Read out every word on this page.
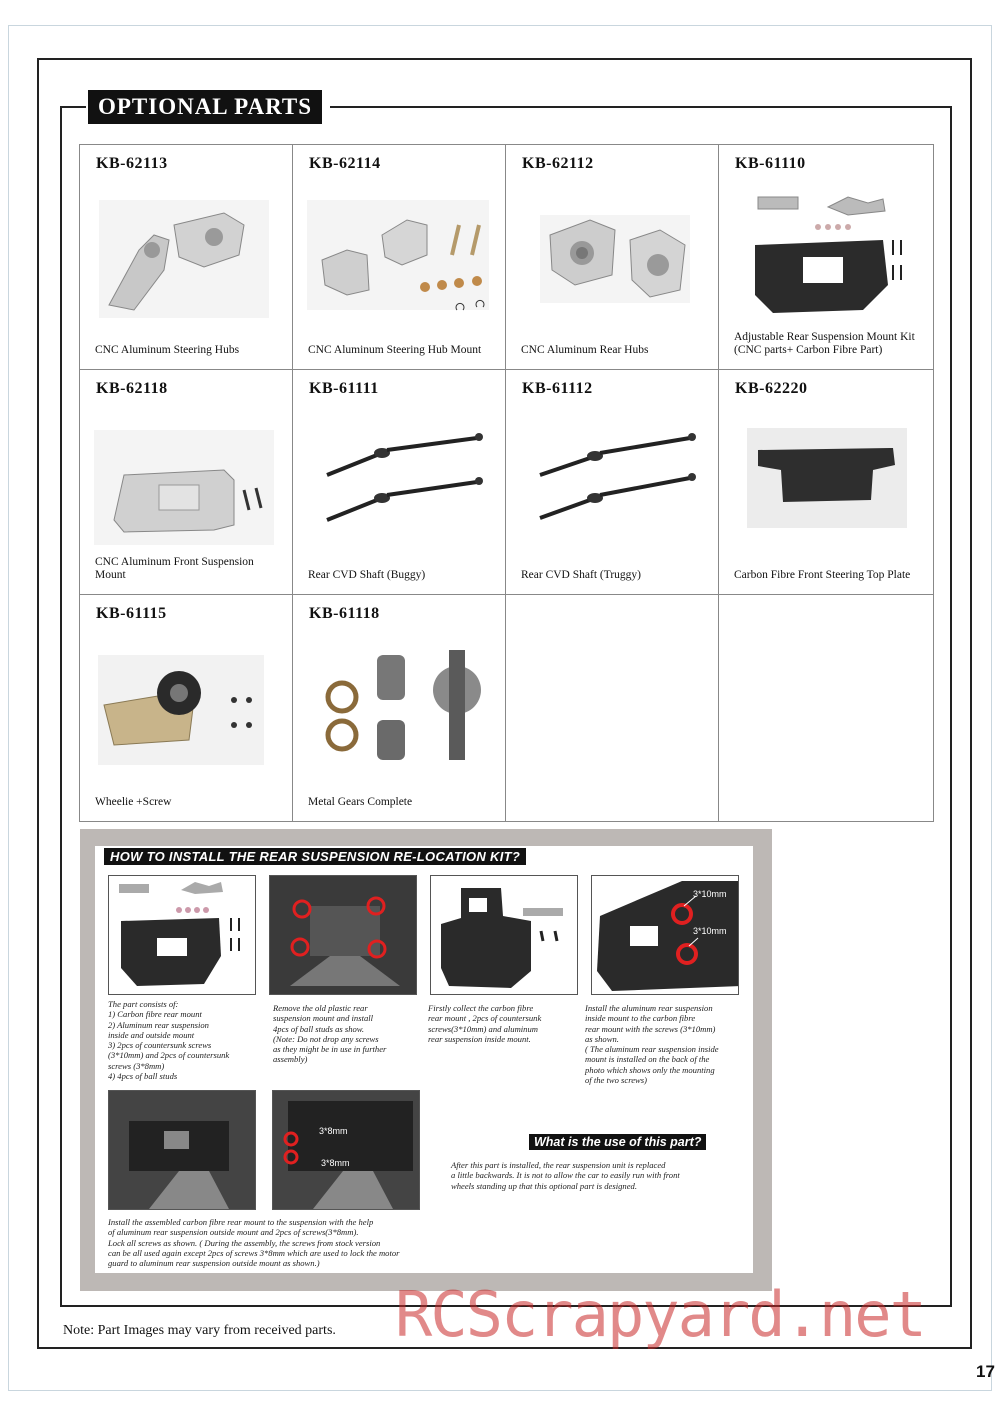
OPTIONAL PARTS
KB-62113
CNC Aluminum Steering Hubs
KB-62114
CNC Aluminum Steering Hub Mount
KB-62112
CNC Aluminum Rear Hubs
KB-61110
Adjustable Rear Suspension Mount Kit (CNC parts+ Carbon Fibre Part)
KB-62118
CNC Aluminum Front Suspension Mount
KB-61111
Rear CVD Shaft (Buggy)
KB-61112
Rear CVD Shaft (Truggy)
KB-62220
Carbon Fibre Front Steering Top Plate
KB-61115
Wheelie +Screw
KB-61118
Metal Gears Complete
HOW TO INSTALL THE REAR SUSPENSION RE-LOCATION KIT?
3*10mm
3*10mm
The part consists of:
1) Carbon fibre rear mount
2) Aluminum rear suspension
inside and outside mount
3) 2pcs of countersunk screws
(3*10mm) and 2pcs of countersunk
screws (3*8mm)
4) 4pcs of ball studs
Remove the old plastic rear
suspension mount and install
4pcs of ball studs as show.
(Note: Do not drop any screws
as they might be in use in further
assembly)
Firstly collect the carbon fibre
rear mount , 2pcs of countersunk
screws(3*10mm) and aluminum
rear suspension inside mount.
Install the aluminum rear suspension
inside mount to the carbon fibre
rear mount with the screws (3*10mm)
as shown.
( The aluminum rear suspension inside
mount is installed on the back of the
photo which shows only the mounting
of the two screws)
3*8mm
3*8mm
Install the assembled carbon fibre rear mount to the suspension with the help
of aluminum rear suspension outside mount and 2pcs of screws(3*8mm).
Lock all screws as shown. ( During the assembly, the screws from stock version
can be all used again except 2pcs of screws 3*8mm which are used to lock the motor
guard to aluminum rear suspension outside mount as shown.)
What is the use of this part?
After this part is installed, the rear suspension unit is replaced
a little backwards. It is not to allow the car to easily run with front
wheels standing up that this optional part is designed.
Note: Part Images may vary from received parts. RCScrapyard.net
17
